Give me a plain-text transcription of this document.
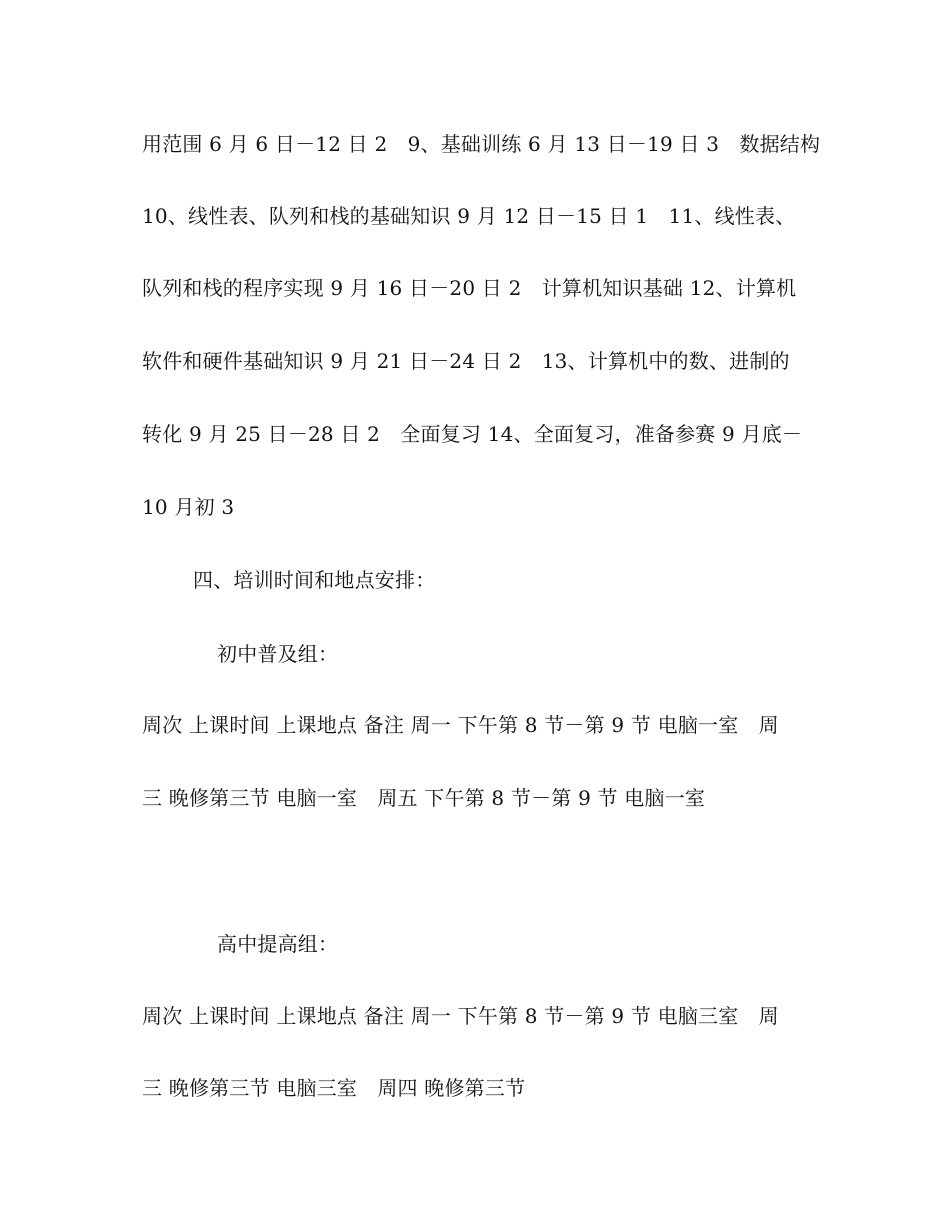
用范围 6 月 6 日－12 日 2　9、基础训练 6 月 13 日－19 日 3　数据结构
10、线性表、队列和栈的基础知识 9 月 12 日－15 日 1　11、线性表、
队列和栈的程序实现 9 月 16 日－20 日 2　计算机知识基础 12、计算机
软件和硬件基础知识 9 月 21 日－24 日 2　13、计算机中的数、进制的
转化 9 月 25 日－28 日 2　全面复习 14、全面复习，准备参赛 9 月底－
10 月初 3
四、培训时间和地点安排：
初中普及组：
周次 上课时间 上课地点 备注 周一 下午第 8 节－第 9 节 电脑一室　周
三 晚修第三节 电脑一室　周五 下午第 8 节－第 9 节 电脑一室
高中提高组：
周次 上课时间 上课地点 备注 周一 下午第 8 节－第 9 节 电脑三室　周
三 晚修第三节 电脑三室　周四 晚修第三节
